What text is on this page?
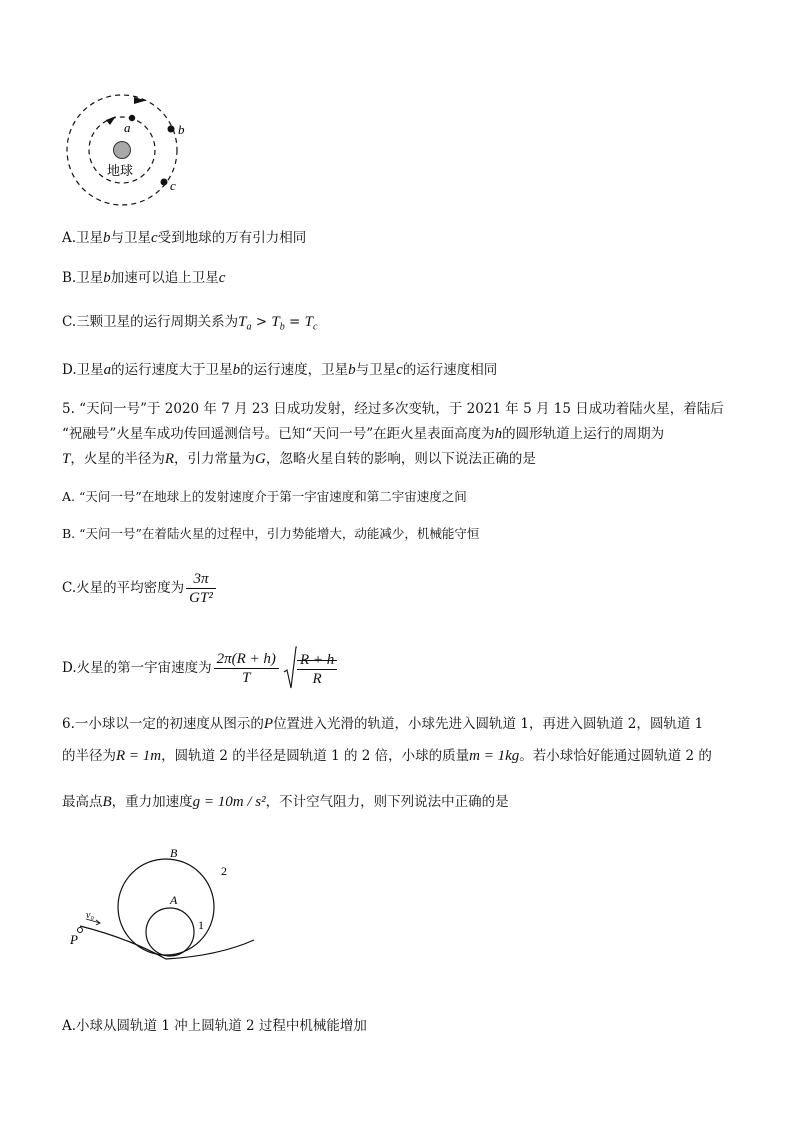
地球
a	b
c
A.卫星b与卫星c受到地球的万有引力相同
B.卫星b加速可以追上卫星c
C.三颗卫星的运行周期关系为$T_a > T_b = T_c$
D.卫星a的运行速度大于卫星b的运行速度，卫星b与卫星c的运行速度相同
5. “天问一号”于 2020 年 7 月 23 日成功发射，经过多次变轨，于 2021 年 5 月 15 日成功着陆火星，着陆后
“祝融号”火星车成功传回遥测信号。已知“天问一号”在距火星表面高度为h的圆形轨道上运行的周期为
T，火星的半径为R，引力常量为G，忽略火星自转的影响，则以下说法正确的是
A. “天问一号”在地球上的发射速度介于第一宇宙速度和第二宇宙速度之间
B. “天问一号”在着陆火星的过程中，引力势能增大，动能减少，机械能守恒
C.火星的平均密度为 $\frac{3\pi}{\text{GT²}}$
D.火星的第一宇宙速度为 $\frac{2\pi(R + h)}{T} \frac{R + h}{R}$
6.一小球以一定的初速度从图示的P位置进入光滑的轨道，小球先进入圆轨道 1，再进入圆轨道 2，圆轨道 1
的半径为R = 1m，圆轨道 2 的半径是圆轨道 1 的 2 倍，小球的质量m = 1kg。若小球恰好能通过圆轨道 2 的
最高点B，重力加速度g = 10m / s²，不计空气阻力，则下列说法中正确的是
B
A
1
2
v₀
P
A.小球从圆轨道 1 冲上圆轨道 2 过程中机械能增加
